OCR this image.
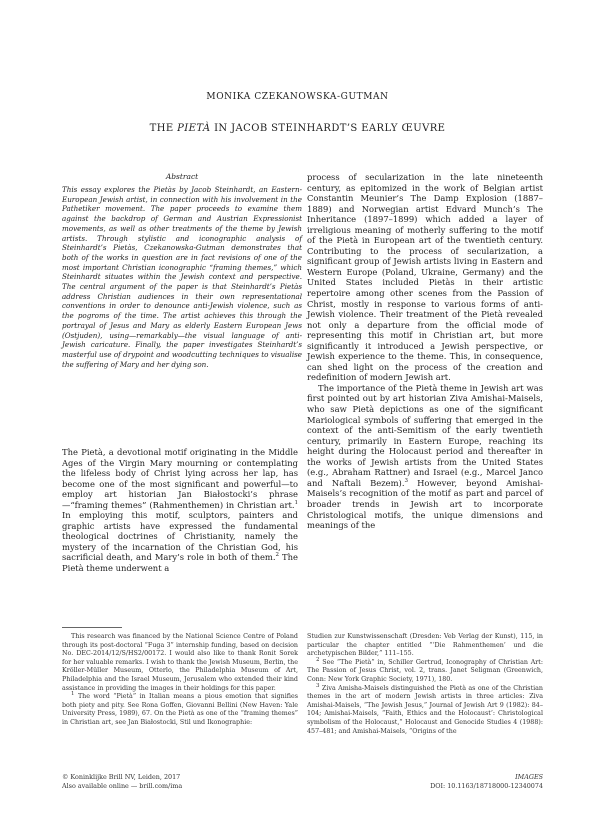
MONIKA CZEKANOWSKA-GUTMAN
THE PIETÀ IN JACOB STEINHARDT’S EARLY ŒUVRE
Abstract

This essay explores the Pietàs by Jacob Steinhardt, an Eastern-European Jewish artist, in connection with his involvement in the Pathetiker movement. The paper proceeds to examine them against the backdrop of German and Austrian Expressionist movements, as well as other treatments of the theme by Jewish artists. Through stylistic and iconographic analysis of Steinhardt’s Pietàs, Czekanowska-Gutman demonstrates that both of the works in question are in fact revisions of one of the most important Christian iconographic “framing themes,” which Steinhardt situates within the Jewish context and perspective. The central argument of the paper is that Steinhardt’s Pietàs address Christian audiences in their own representational conventions in order to denounce anti-Jewish violence, such as the pogroms of the time. The artist achieves this through the portrayal of Jesus and Mary as elderly Eastern European Jews (Ostjuden), using—remarkably—the visual language of anti-Jewish caricature. Finally, the paper investigates Steinhardt’s masterful use of drypoint and woodcutting techniques to visualise the suffering of Mary and her dying son.

The Pietà, a devotional motif originating in the Middle Ages of the Virgin Mary mourning or contemplating the lifeless body of Christ lying across her lap, has become one of the most significant and powerful—to employ art historian Jan Białostocki’s phrase—“framing themes” (Rahmenthemen) in Christian art.$^1$ In employing this motif, sculptors, painters and graphic artists have expressed the fundamental theological doctrines of Christianity, namely the mystery of the incarnation of the Christian God, his sacrificial death, and Mary’s role in both of them.$^2$ The Pietà theme underwent a

process of secularization in the late nineteenth century, as epitomized in the work of Belgian artist Constantin Meunier’s The Damp Explosion (1887–1889) and Norwegian artist Edvard Munch’s The Inheritance (1897–1899) which added a layer of irreligious meaning of motherly suffering to the motif of the Pietà in European art of the twentieth century. Contributing to the process of secularization, a significant group of Jewish artists living in Eastern and Western Europe (Poland, Ukraine, Germany) and the United States included Pietàs in their artistic repertoire among other scenes from the Passion of Christ, mostly in response to various forms of anti-Jewish violence. Their treatment of the Pietà revealed not only a departure from the official mode of representing this motif in Christian art, but more significantly it introduced a Jewish perspective, or Jewish experience to the theme. This, in consequence, can shed light on the process of the creation and redefinition of modern Jewish art.

The importance of the Pietà theme in Jewish art was first pointed out by art historian Ziva Amishai-Maisels, who saw Pietà depictions as one of the significant Mariological symbols of suffering that emerged in the context of the anti-Semitism of the early twentieth century, primarily in Eastern Europe, reaching its height during the Holocaust period and thereafter in the works of Jewish artists from the United States (e.g., Abraham Rattner) and Israel (e.g., Marcel Janco and Naftali Bezem).$^3$ However, beyond Amishai-Maisels’s recognition of the motif as part and parcel of broader trends in Jewish art to incorporate Christological motifs, the unique dimensions and meanings of the

This research was financed by the National Science Centre of Poland through its post-doctoral “Fuga 3” internship funding, based on decision No. DEC-2014/12/S/HS2/00172. I would also like to thank Ronit Sorek for her valuable remarks. I wish to thank the Jewish Museum, Berlin, the Kröller-Müller Museum, Otterlo, the Philadelphia Museum of Art, Philadelphia and the Israel Museum, Jerusalem who extended their kind assistance in providing the images in their holdings for this paper.

$^1$ The word “Pietà” in Italian means a pious emotion that signifies both piety and pity. See Rona Goffen, Giovanni Bellini (New Haven: Yale University Press, 1989), 67. On the Pietà as one of the “framing themes” in Christian art, see Jan Białostocki, Stil und Ikonographie:

Studien zur Kunstwissenschaft (Dresden: Veb Verlag der Kunst), 115, in particular the chapter entitled “‘Die Rahmenthemen’ und die archetypischen Bilder,” 111–155.

$^2$ See “The Pietà” in, Schiller Gertrud, Iconography of Christian Art: The Passion of Jesus Christ, vol. 2, trans. Janet Seligman (Greenwich, Conn: New York Graphic Society, 1971), 180.

$^3$ Ziva Amisha-Maisels distinguished the Pietà as one of the Christian themes in the art of modern Jewish artists in three articles: Ziva Amishai-Maisels, “The Jewish Jesus,” Journal of Jewish Art 9 (1982): 84–104; Amishai-Maisels, “Faith, Ethics and the Holocaust’: Christological symbolism of the Holocaust,” Holocaust and Genocide Studies 4 (1988): 457–481; and Amishai-Maisels, “Origins of the

© Koninklijke Brill NV, Leiden, 2017
Also available online — brill.com/ima
IMAGES
DOI: 10.1163/18718000-12340074
